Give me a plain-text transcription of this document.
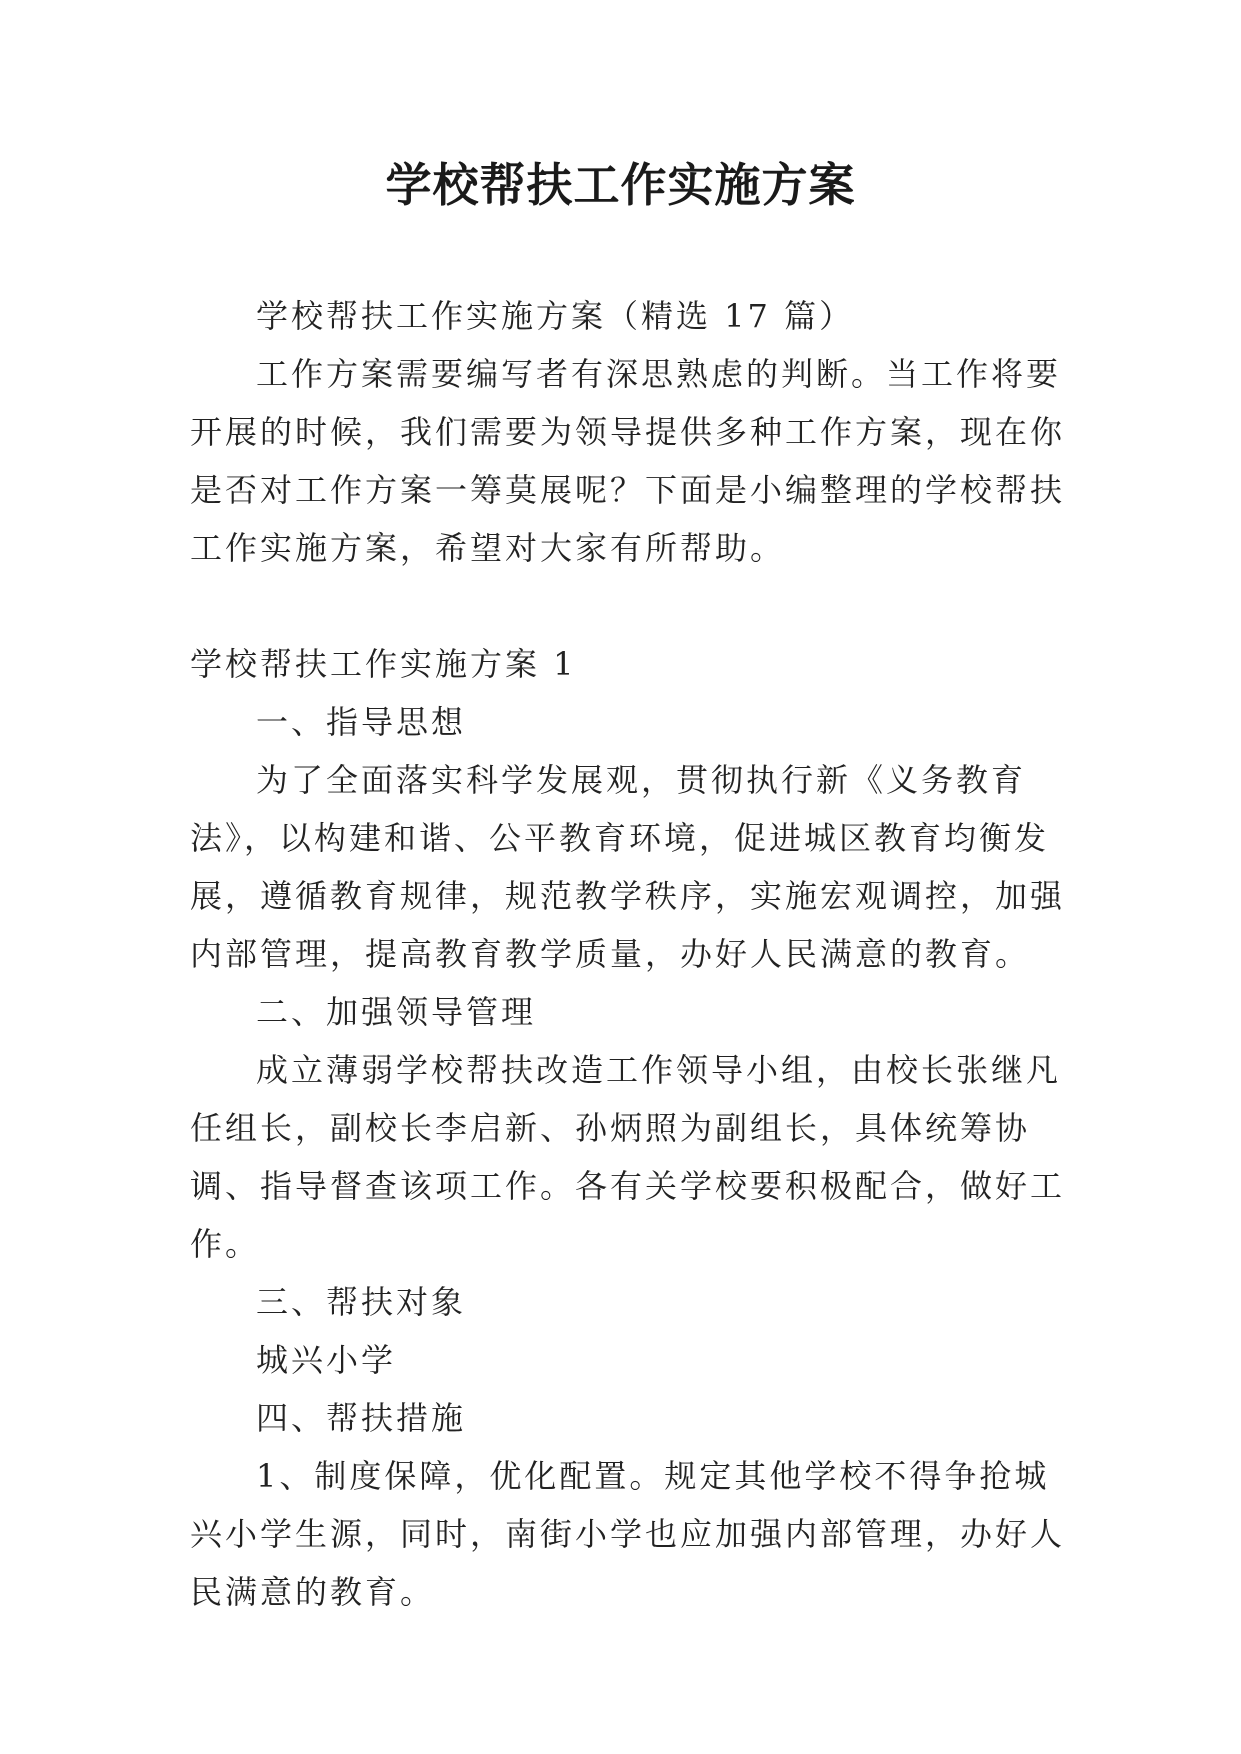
学校帮扶工作实施方案

学校帮扶工作实施方案（精选 17 篇）

工作方案需要编写者有深思熟虑的判断。当工作将要开展的时候，我们需要为领导提供多种工作方案，现在你是否对工作方案一筹莫展呢？下面是小编整理的学校帮扶工作实施方案，希望对大家有所帮助。

学校帮扶工作实施方案 1

一、指导思想

为了全面落实科学发展观，贯彻执行新《义务教育法》，以构建和谐、公平教育环境，促进城区教育均衡发展，遵循教育规律，规范教学秩序，实施宏观调控，加强内部管理，提高教育教学质量，办好人民满意的教育。

二、加强领导管理

成立薄弱学校帮扶改造工作领导小组，由校长张继凡任组长，副校长李启新、孙炳照为副组长，具体统筹协调、指导督查该项工作。各有关学校要积极配合，做好工作。

三、帮扶对象

城兴小学

四、帮扶措施

1、制度保障，优化配置。规定其他学校不得争抢城兴小学生源，同时，南街小学也应加强内部管理，办好人民满意的教育。
